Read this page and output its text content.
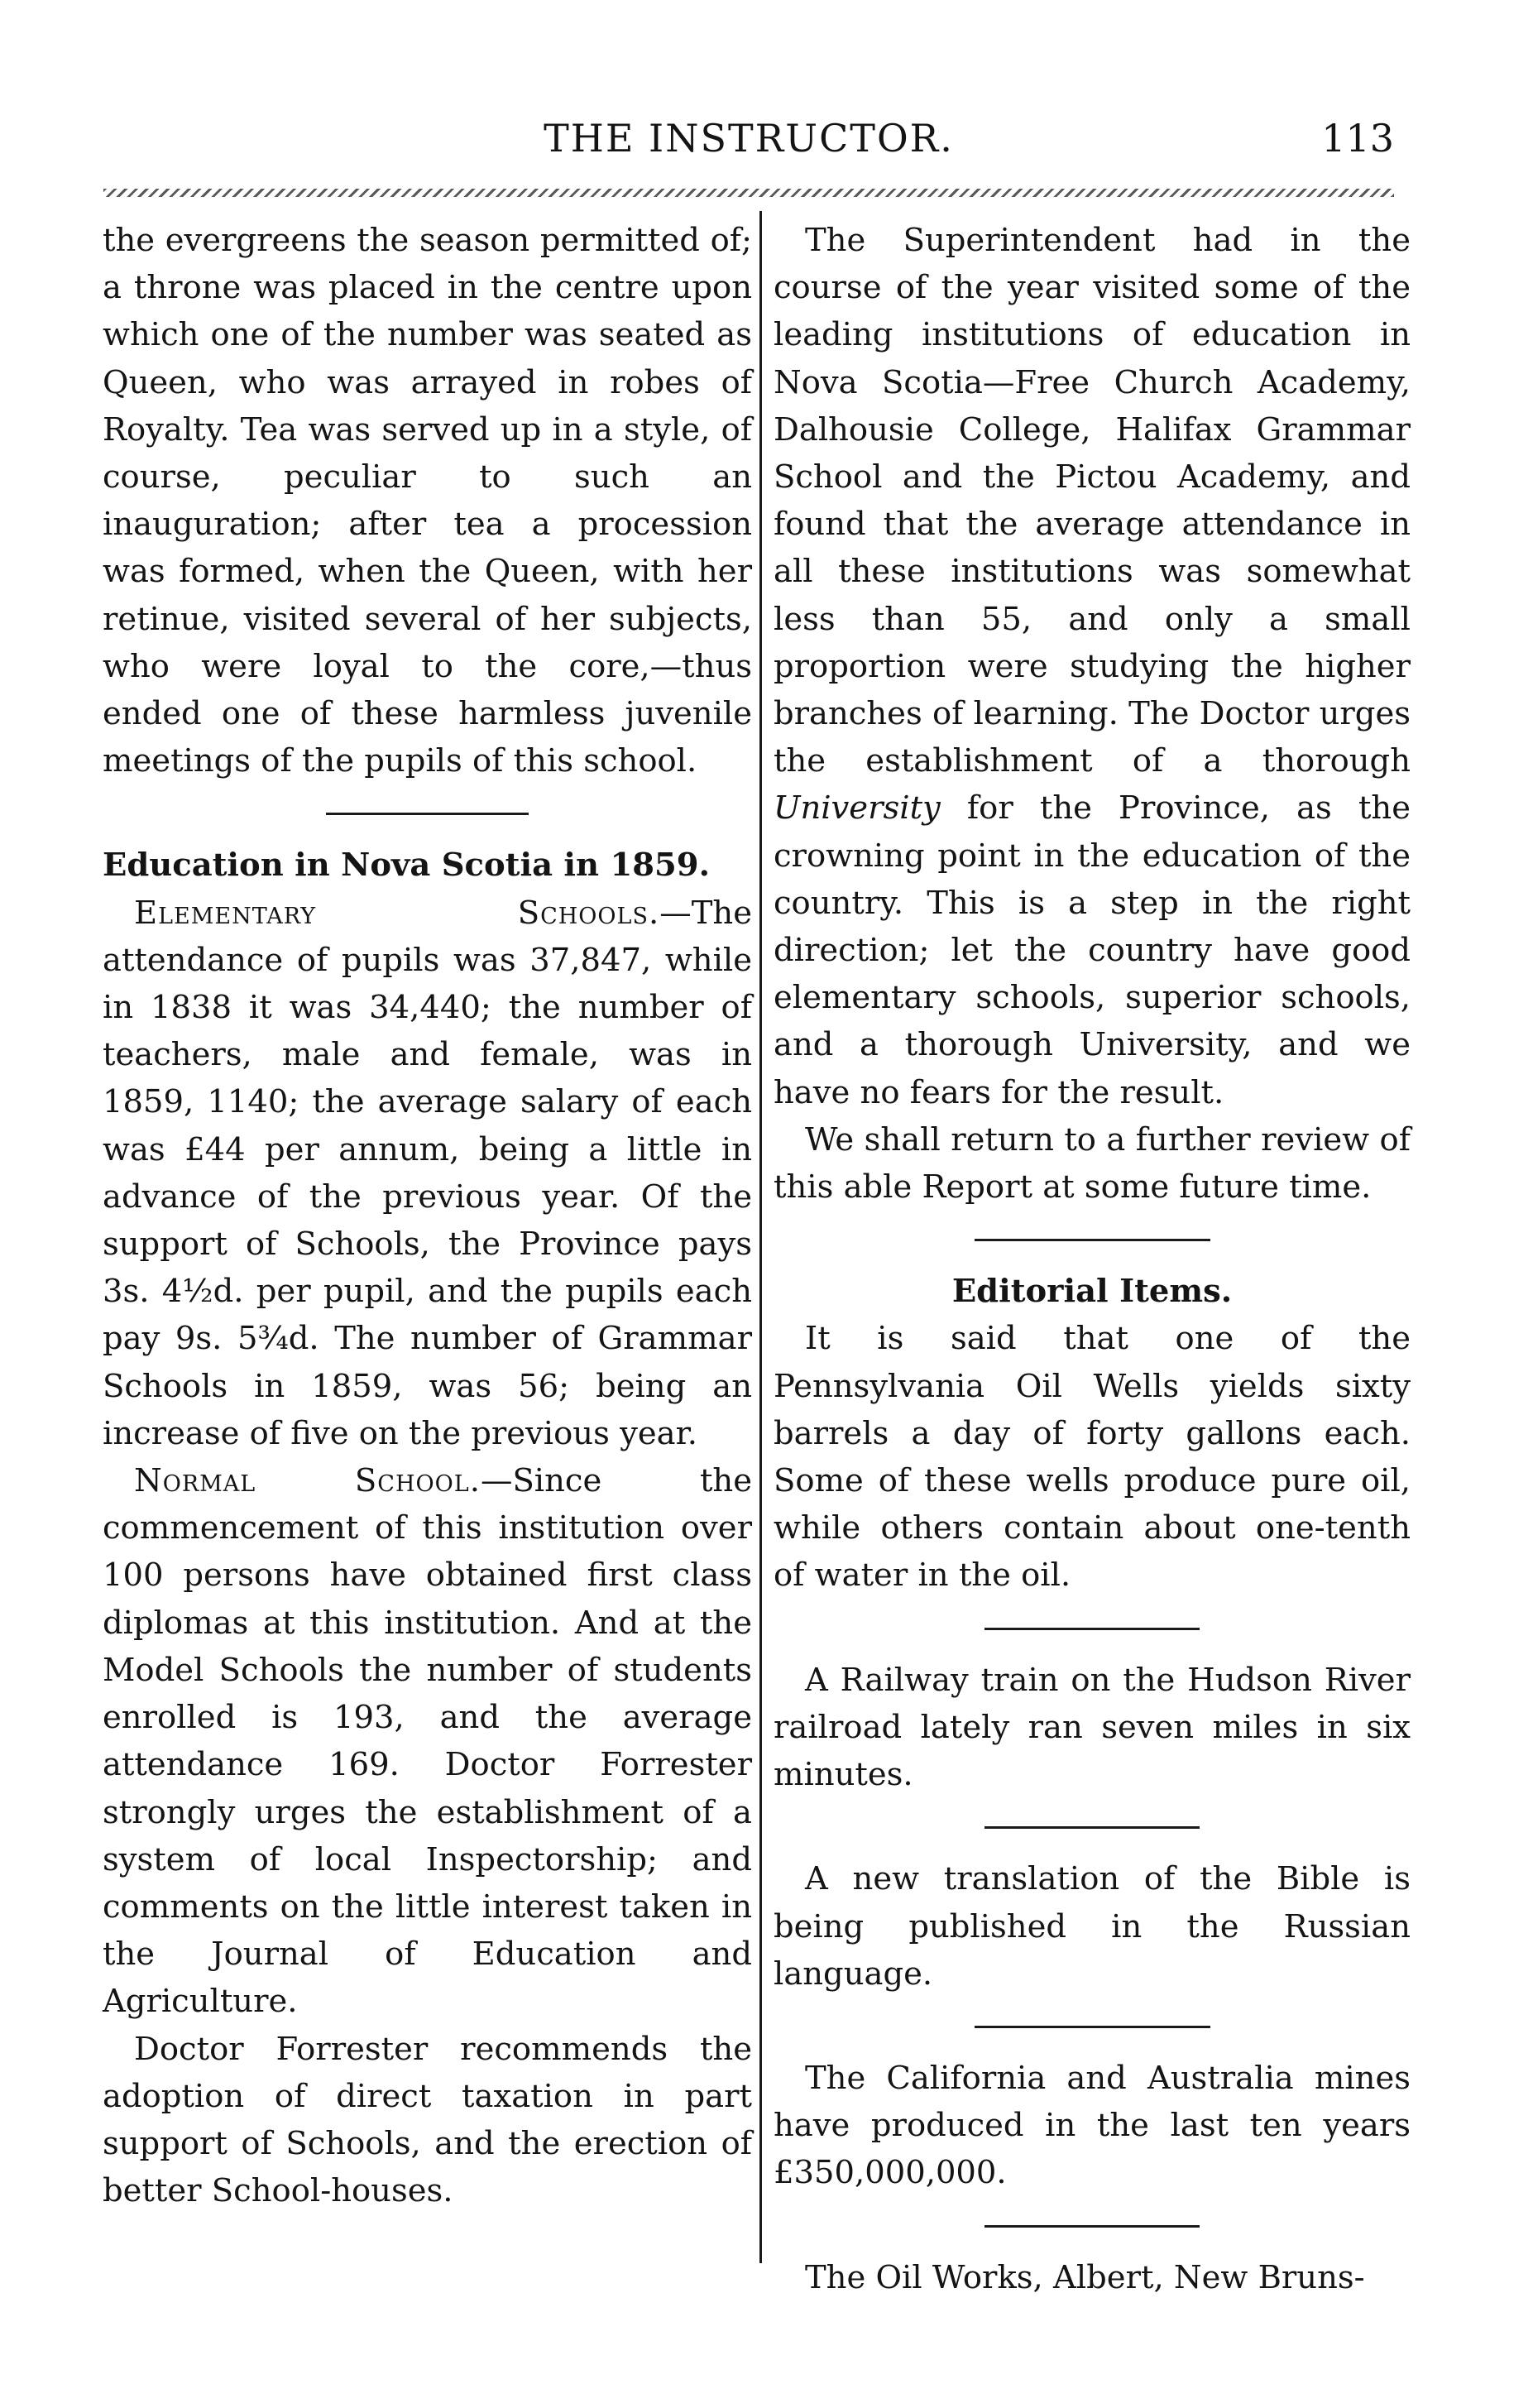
THE INSTRUCTOR.	113

the evergreens the season permitted of; a throne was placed in the centre upon which one of the number was seated as Queen, who was arrayed in robes of Royalty. Tea was served up in a style, of course, peculiar to such an inauguration; after tea a procession was formed, when the Queen, with her retinue, visited several of her subjects, who were loyal to the core,—thus ended one of these harmless juvenile meetings of the pupils of this school.

Education in Nova Scotia in 1859.

Elementary Schools.—The attendance of pupils was 37,847, while in 1838 it was 34,440; the number of teachers, male and female, was in 1859, 1140; the average salary of each was £44 per annum, being a little in advance of the previous year. Of the support of Schools, the Province pays 3s. 4½d. per pupil, and the pupils each pay 9s. 5¾d. The number of Grammar Schools in 1859, was 56; being an increase of five on the previous year.

Normal School.—Since the commencement of this institution over 100 persons have obtained first class diplomas at this institution. And at the Model Schools the number of students enrolled is 193, and the average attendance 169. Doctor Forrester strongly urges the establishment of a system of local Inspectorship; and comments on the little interest taken in the Journal of Education and Agriculture.

Doctor Forrester recommends the adoption of direct taxation in part support of Schools, and the erection of better School-houses.

The Superintendent had in the course of the year visited some of the leading institutions of education in Nova Scotia—Free Church Academy, Dalhousie College, Halifax Grammar School and the Pictou Academy, and found that the average attendance in all these institutions was somewhat less than 55, and only a small proportion were studying the higher branches of learning. The Doctor urges the establishment of a thorough University for the Province, as the crowning point in the education of the country. This is a step in the right direction; let the country have good elementary schools, superior schools, and a thorough University, and we have no fears for the result.

We shall return to a further review of this able Report at some future time.

Editorial Items.

It is said that one of the Pennsylvania Oil Wells yields sixty barrels a day of forty gallons each. Some of these wells produce pure oil, while others contain about one-tenth of water in the oil.

A Railway train on the Hudson River railroad lately ran seven miles in six minutes.

A new translation of the Bible is being published in the Russian language.

The California and Australia mines have produced in the last ten years £350,000,000.

The Oil Works, Albert, New Bruns-
